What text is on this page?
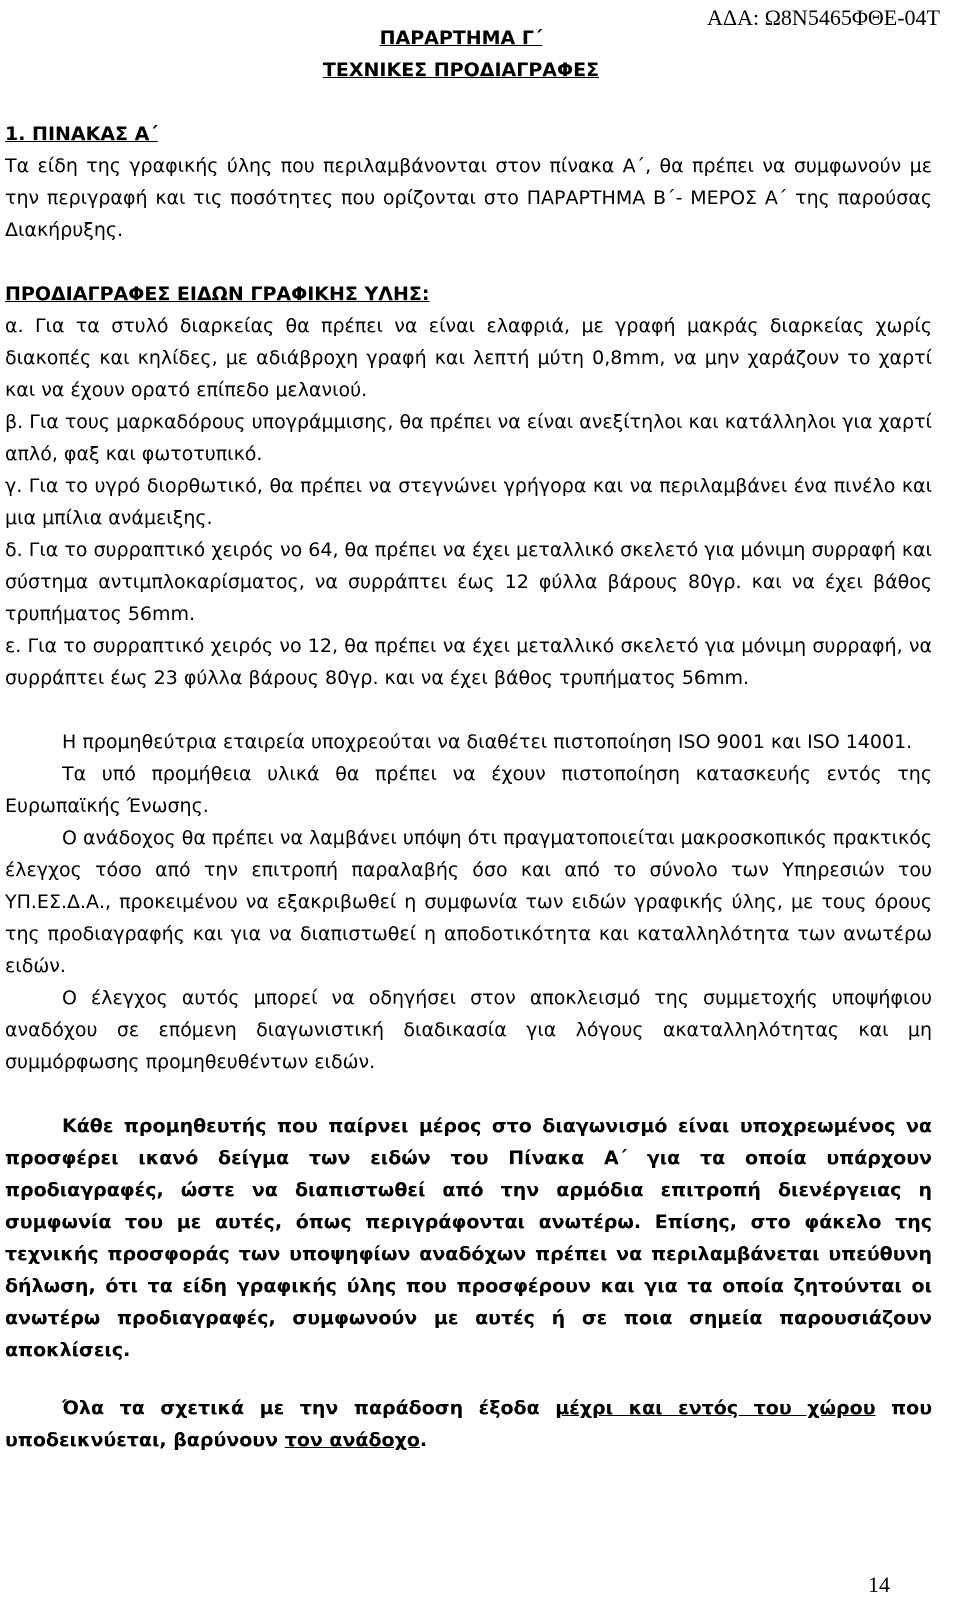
ΑΔΑ: Ω8Ν5465ΦΘΕ-04Τ

ΠΑΡΑΡΤΗΜΑ Γ΄

ΤΕΧΝΙΚΕΣ ΠΡΟΔΙΑΓΡΑΦΕΣ

1. ΠΙΝΑΚΑΣ Α΄

Τα είδη της γραφικής ύλης που περιλαμβάνονται στον πίνακα Α΄, θα πρέπει να συμφωνούν με την περιγραφή και τις ποσότητες που ορίζονται στο ΠΑΡΑΡΤΗΜΑ Β΄- ΜΕΡΟΣ Α΄ της παρούσας Διακήρυξης.

ΠΡΟΔΙΑΓΡΑΦΕΣ ΕΙΔΩΝ ΓΡΑΦΙΚΗΣ ΥΛΗΣ:

α. Για τα στυλό διαρκείας θα πρέπει να είναι ελαφριά, με γραφή μακράς διαρκείας χωρίς διακοπές και κηλίδες, με αδιάβροχη γραφή και λεπτή μύτη 0,8mm, να μην χαράζουν το χαρτί και να έχουν ορατό επίπεδο μελανιού.

β. Για τους μαρκαδόρους υπογράμμισης, θα πρέπει να είναι ανεξίτηλοι και κατάλληλοι για χαρτί απλό, φαξ και φωτοτυπικό.

γ. Για το υγρό διορθωτικό, θα πρέπει να στεγνώνει γρήγορα και να περιλαμβάνει ένα πινέλο και μια μπίλια ανάμειξης.

δ. Για το συρραπτικό χειρός νο 64, θα πρέπει να έχει μεταλλικό σκελετό για μόνιμη συρραφή και σύστημα αντιμπλοκαρίσματος, να συρράπτει έως 12 φύλλα βάρους 80γρ. και να έχει βάθος τρυπήματος 56mm.

ε. Για το συρραπτικό χειρός νο 12, θα πρέπει να έχει μεταλλικό σκελετό για μόνιμη συρραφή, να συρράπτει έως 23 φύλλα βάρους 80γρ. και να έχει βάθος τρυπήματος 56mm.

Η προμηθεύτρια εταιρεία υποχρεούται να διαθέτει πιστοποίηση ISO 9001 και ISO 14001.

Τα υπό προμήθεια υλικά θα πρέπει να έχουν πιστοποίηση κατασκευής εντός της Ευρωπαϊκής Ένωσης.

Ο ανάδοχος θα πρέπει να λαμβάνει υπόψη ότι πραγματοποιείται μακροσκοπικός πρακτικός έλεγχος τόσο από την επιτροπή παραλαβής όσο και από το σύνολο των Υπηρεσιών του ΥΠ.ΕΣ.Δ.Α., προκειμένου να εξακριβωθεί η συμφωνία των ειδών γραφικής ύλης, με τους όρους της προδιαγραφής και για να διαπιστωθεί η αποδοτικότητα και καταλληλότητα των ανωτέρω ειδών.

Ο έλεγχος αυτός μπορεί να οδηγήσει στον αποκλεισμό της συμμετοχής υποψήφιου αναδόχου σε επόμενη διαγωνιστική διαδικασία για λόγους ακαταλληλότητας και μη συμμόρφωσης προμηθευθέντων ειδών.

Κάθε προμηθευτής που παίρνει μέρος στο διαγωνισμό είναι υποχρεωμένος να προσφέρει ικανό δείγμα των ειδών του Πίνακα Α΄ για τα οποία υπάρχουν προδιαγραφές, ώστε να διαπιστωθεί από την αρμόδια επιτροπή διενέργειας η συμφωνία του με αυτές, όπως περιγράφονται ανωτέρω. Επίσης, στο φάκελο της τεχνικής προσφοράς των υποψηφίων αναδόχων πρέπει να περιλαμβάνεται υπεύθυνη δήλωση, ότι τα είδη γραφικής ύλης που προσφέρουν και για τα οποία ζητούνται οι ανωτέρω προδιαγραφές, συμφωνούν με αυτές ή σε ποια σημεία παρουσιάζουν αποκλίσεις.

Όλα τα σχετικά με την παράδοση έξοδα μέχρι και εντός του χώρου που υποδεικνύεται, βαρύνουν τον ανάδοχο.

14
